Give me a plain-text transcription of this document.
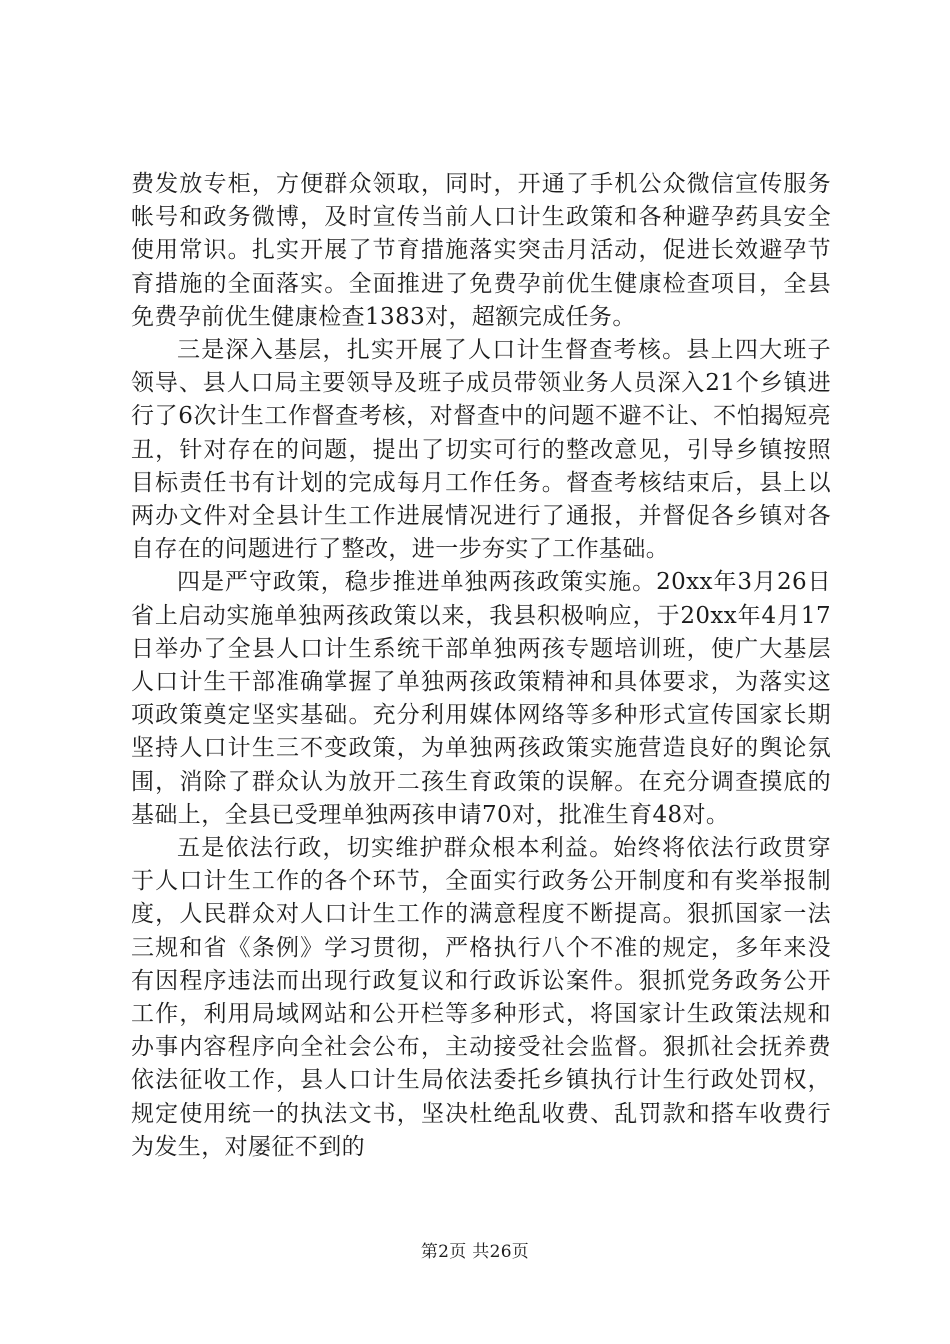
费发放专柜，方便群众领取，同时，开通了手机公众微信宣传服务帐号和政务微博，及时宣传当前人口计生政策和各种避孕药具安全使用常识。扎实开展了节育措施落实突击月活动，促进长效避孕节育措施的全面落实。全面推进了免费孕前优生健康检查项目，全县免费孕前优生健康检查1383对，超额完成任务。

三是深入基层，扎实开展了人口计生督查考核。县上四大班子领导、县人口局主要领导及班子成员带领业务人员深入21个乡镇进行了6次计生工作督查考核，对督查中的问题不避不让、不怕揭短亮丑，针对存在的问题，提出了切实可行的整改意见，引导乡镇按照目标责任书有计划的完成每月工作任务。督查考核结束后，县上以两办文件对全县计生工作进展情况进行了通报，并督促各乡镇对各自存在的问题进行了整改，进一步夯实了工作基础。

四是严守政策，稳步推进单独两孩政策实施。20xx年3月26日省上启动实施单独两孩政策以来，我县积极响应，于20xx年4月17日举办了全县人口计生系统干部单独两孩专题培训班，使广大基层人口计生干部准确掌握了单独两孩政策精神和具体要求，为落实这项政策奠定坚实基础。充分利用媒体网络等多种形式宣传国家长期坚持人口计生三不变政策，为单独两孩政策实施营造良好的舆论氛围，消除了群众认为放开二孩生育政策的误解。在充分调查摸底的基础上，全县已受理单独两孩申请70对，批准生育48对。

五是依法行政，切实维护群众根本利益。始终将依法行政贯穿于人口计生工作的各个环节，全面实行政务公开制度和有奖举报制度，人民群众对人口计生工作的满意程度不断提高。狠抓国家一法三规和省《条例》学习贯彻，严格执行八个不准的规定，多年来没有因程序违法而出现行政复议和行政诉讼案件。狠抓党务政务公开工作，利用局域网站和公开栏等多种形式，将国家计生政策法规和办事内容程序向全社会公布，主动接受社会监督。狠抓社会抚养费依法征收工作，县人口计生局依法委托乡镇执行计生行政处罚权，规定使用统一的执法文书，坚决杜绝乱收费、乱罚款和搭车收费行为发生，对屡征不到的

第2页 共26页
